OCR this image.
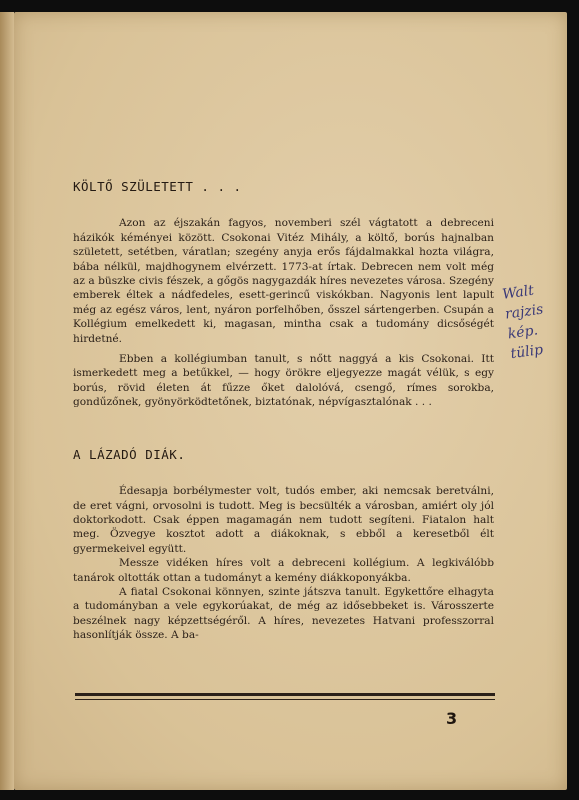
KÖLTŐ SZÜLETETT . . .

Azon az éjszakán fagyos, novemberi szél vágtatott a debreceni házikók kéményei között. Csokonai Vitéz Mihály, a költő, borús hajnalban született, setétben, váratlan; szegény anyja erős fájdalmakkal hozta világra, bába nélkül, majdhogynem elvérzett. 1773-at írtak. Debrecen nem volt még az a büszke civis fészek, a gőgös nagygazdák híres nevezetes városa. Szegény emberek éltek a nádfedeles, esett-gerincű viskókban. Nagyonis lent lapult még az egész város, lent, nyáron porfelhőben, ősszel sártengerben. Csupán a Kollégium emelkedett ki, magasan, mintha csak a tudomány dicsőségét hirdetné.

Ebben a kollégiumban tanult, s nőtt naggyá a kis Csokonai. Itt ismerkedett meg a betűkkel, — hogy örökre eljegyezze magát vélük, s egy borús, rövid életen át fűzze őket dalolóvá, csengő, rímes sorokba, gondűzőnek, gyönyörködtetőnek, biztatónak, népvígasztalónak . . .

A LÁZADÓ DIÁK.

Édesapja borbélymester volt, tudós ember, aki nemcsak beretválni, de eret vágni, orvosolni is tudott. Meg is becsülték a városban, amiért oly jól doktorkodott. Csak éppen magamagán nem tudott segíteni. Fiatalon halt meg. Özvegye kosztot adott a diákoknak, s ebből a keresetből élt gyermekeivel együtt.

Messze vidéken híres volt a debreceni kollégium. A legkiválóbb tanárok oltották ottan a tudományt a kemény diákkoponyákba.

A fiatal Csokonai könnyen, szinte játszva tanult. Egykettőre elhagyta a tudományban a vele egykorúakat, de még az idősebbeket is. Városszerte beszélnek nagy képzettségéről. A híres, nevezetes Hatvani professzorral hasonlítják össze. A ba-

Walt
rajzis
kép.
tülip
3
